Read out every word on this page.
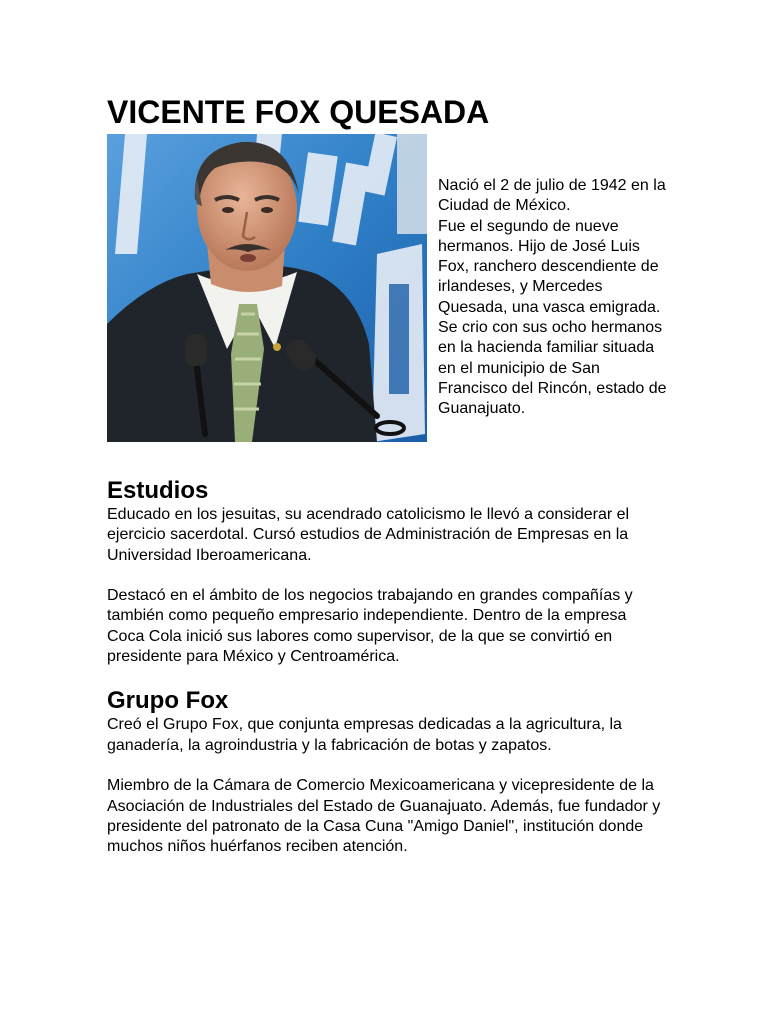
VICENTE FOX QUESADA

Nació el 2 de julio de 1942 en la Ciudad de México.

Fue el segundo de nueve hermanos. Hijo de José Luis Fox, ranchero descendiente de irlandeses, y Mercedes Quesada, una vasca emigrada.

Se crio con sus ocho hermanos en la hacienda familiar situada en el municipio de San Francisco del Rincón, estado de Guanajuato.

Estudios

Educado en los jesuitas, su acendrado catolicismo le llevó a considerar el ejercicio sacerdotal. Cursó estudios de Administración de Empresas en la Universidad Iberoamericana.

Destacó en el ámbito de los negocios trabajando en grandes compañías y también como pequeño empresario independiente. Dentro de la empresa Coca Cola inició sus labores como supervisor, de la que se convirtió en presidente para México y Centroamérica.

Grupo Fox

Creó el Grupo Fox, que conjunta empresas dedicadas a la agricultura, la ganadería, la agroindustria y la fabricación de botas y zapatos.

Miembro de la Cámara de Comercio Mexicoamericana y vicepresidente de la Asociación de Industriales del Estado de Guanajuato. Además, fue fundador y presidente del patronato de la Casa Cuna "Amigo Daniel", institución donde muchos niños huérfanos reciben atención.
